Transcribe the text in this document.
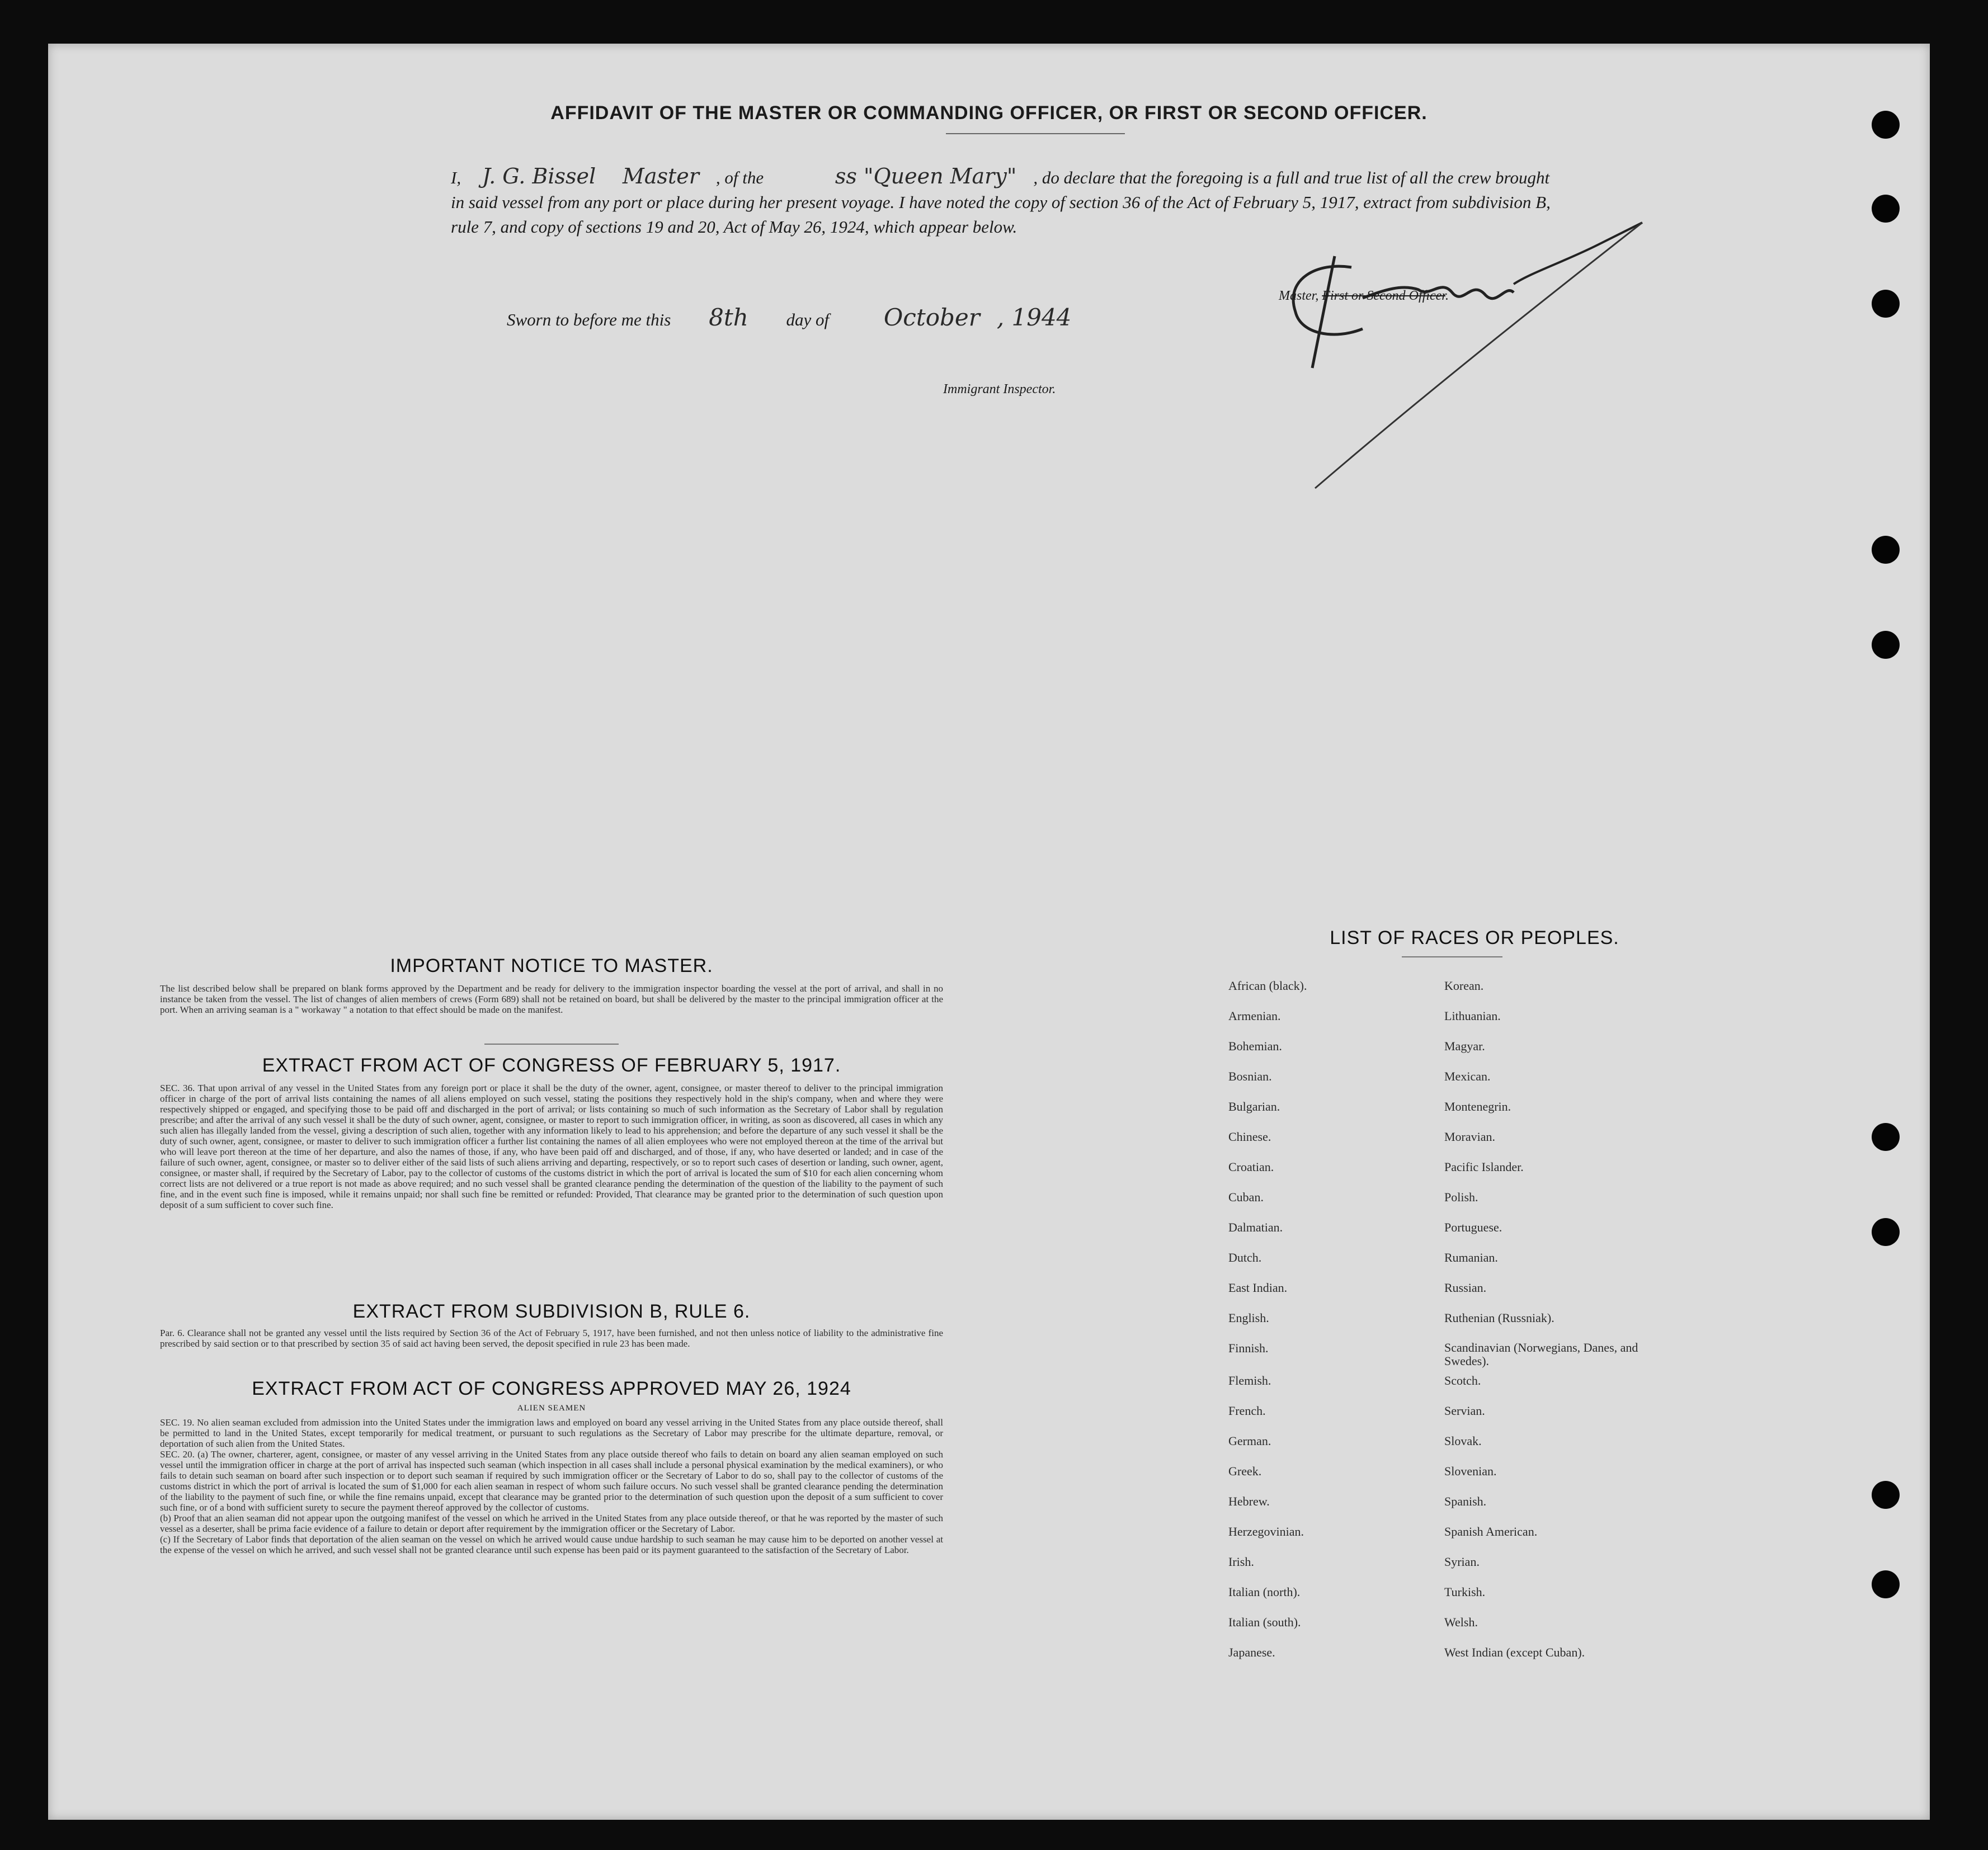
AFFIDAVIT OF THE MASTER OR COMMANDING OFFICER, OR FIRST OR SECOND OFFICER.
I, J. G. Bissel Master , of the	ss "Queen Mary" , do declare that the foregoing is a full and true list of all the crew brought in said vessel from any port or place during her present voyage. I have noted the copy of section 36 of the Act of February 5, 1917, extract from subdivision B, rule 7, and copy of sections 19 and 20, Act of May 26, 1924, which appear below.
Sworn to before me this 8th day of October , 1944
Master, First or Second Officer.
Immigrant Inspector.
IMPORTANT NOTICE TO MASTER.
The list described below shall be prepared on blank forms approved by the Department and be ready for delivery to the immigration inspector boarding the vessel at the port of arrival, and shall in no instance be taken from the vessel. The list of changes of alien members of crews (Form 689) shall not be retained on board, but shall be delivered by the master to the principal immigration officer at the port. When an arriving seaman is a " workaway " a notation to that effect should be made on the manifest.
EXTRACT FROM ACT OF CONGRESS OF FEBRUARY 5, 1917.
SEC. 36. That upon arrival of any vessel in the United States from any foreign port or place it shall be the duty of the owner, agent, consignee, or master thereof to deliver to the principal immigration officer in charge of the port of arrival lists containing the names of all aliens employed on such vessel, stating the positions they respectively hold in the ship's company, when and where they were respectively shipped or engaged, and specifying those to be paid off and discharged in the port of arrival; or lists containing so much of such information as the Secretary of Labor shall by regulation prescribe; and after the arrival of any such vessel it shall be the duty of such owner, agent, consignee, or master to report to such immigration officer, in writing, as soon as discovered, all cases in which any such alien has illegally landed from the vessel, giving a description of such alien, together with any information likely to lead to his apprehension; and before the departure of any such vessel it shall be the duty of such owner, agent, consignee, or master to deliver to such immigration officer a further list containing the names of all alien employees who were not employed thereon at the time of the arrival but who will leave port thereon at the time of her departure, and also the names of those, if any, who have been paid off and discharged, and of those, if any, who have deserted or landed; and in case of the failure of such owner, agent, consignee, or master so to deliver either of the said lists of such aliens arriving and departing, respectively, or so to report such cases of desertion or landing, such owner, agent, consignee, or master shall, if required by the Secretary of Labor, pay to the collector of customs of the customs district in which the port of arrival is located the sum of $10 for each alien concerning whom correct lists are not delivered or a true report is not made as above required; and no such vessel shall be granted clearance pending the determination of the question of the liability to the payment of such fine, and in the event such fine is imposed, while it remains unpaid; nor shall such fine be remitted or refunded: Provided, That clearance may be granted prior to the determination of such question upon deposit of a sum sufficient to cover such fine.
EXTRACT FROM SUBDIVISION B, RULE 6.
Par. 6. Clearance shall not be granted any vessel until the lists required by Section 36 of the Act of February 5, 1917, have been furnished, and not then unless notice of liability to the administrative fine prescribed by said section or to that prescribed by section 35 of said act having been served, the deposit specified in rule 23 has been made.
EXTRACT FROM ACT OF CONGRESS APPROVED MAY 26, 1924
ALIEN SEAMEN
SEC. 19. No alien seaman excluded from admission into the United States under the immigration laws and employed on board any vessel arriving in the United States from any place outside thereof, shall be permitted to land in the United States, except temporarily for medical treatment, or pursuant to such regulations as the Secretary of Labor may prescribe for the ultimate departure, removal, or deportation of such alien from the United States.
SEC. 20. (a) The owner, charterer, agent, consignee, or master of any vessel arriving in the United States from any place outside thereof who fails to detain on board any alien seaman employed on such vessel until the immigration officer in charge at the port of arrival has inspected such seaman (which inspection in all cases shall include a personal physical examination by the medical examiners), or who fails to detain such seaman on board after such inspection or to deport such seaman if required by such immigration officer or the Secretary of Labor to do so, shall pay to the collector of customs of the customs district in which the port of arrival is located the sum of $1,000 for each alien seaman in respect of whom such failure occurs. No such vessel shall be granted clearance pending the determination of the liability to the payment of such fine, or while the fine remains unpaid, except that clearance may be granted prior to the determination of such question upon the deposit of a sum sufficient to cover such fine, or of a bond with sufficient surety to secure the payment thereof approved by the collector of customs.
(b) Proof that an alien seaman did not appear upon the outgoing manifest of the vessel on which he arrived in the United States from any place outside thereof, or that he was reported by the master of such vessel as a deserter, shall be prima facie evidence of a failure to detain or deport after requirement by the immigration officer or the Secretary of Labor.
(c) If the Secretary of Labor finds that deportation of the alien seaman on the vessel on which he arrived would cause undue hardship to such seaman he may cause him to be deported on another vessel at the expense of the vessel on which he arrived, and such vessel shall not be granted clearance until such expense has been paid or its payment guaranteed to the satisfaction of the Secretary of Labor.
LIST OF RACES OR PEOPLES.
African (black).
Armenian.
Bohemian.
Bosnian.
Bulgarian.
Chinese.
Croatian.
Cuban.
Dalmatian.
Dutch.
East Indian.
English.
Finnish.
Flemish.
French.
German.
Greek.
Hebrew.
Herzegovinian.
Irish.
Italian (north).
Italian (south).
Japanese.
Korean.
Lithuanian.
Magyar.
Mexican.
Montenegrin.
Moravian.
Pacific Islander.
Polish.
Portuguese.
Rumanian.
Russian.
Ruthenian (Russniak).
Scandinavian (Norwegians, Danes, and Swedes).
Scotch.
Servian.
Slovak.
Slovenian.
Spanish.
Spanish American.
Syrian.
Turkish.
Welsh.
West Indian (except Cuban).
